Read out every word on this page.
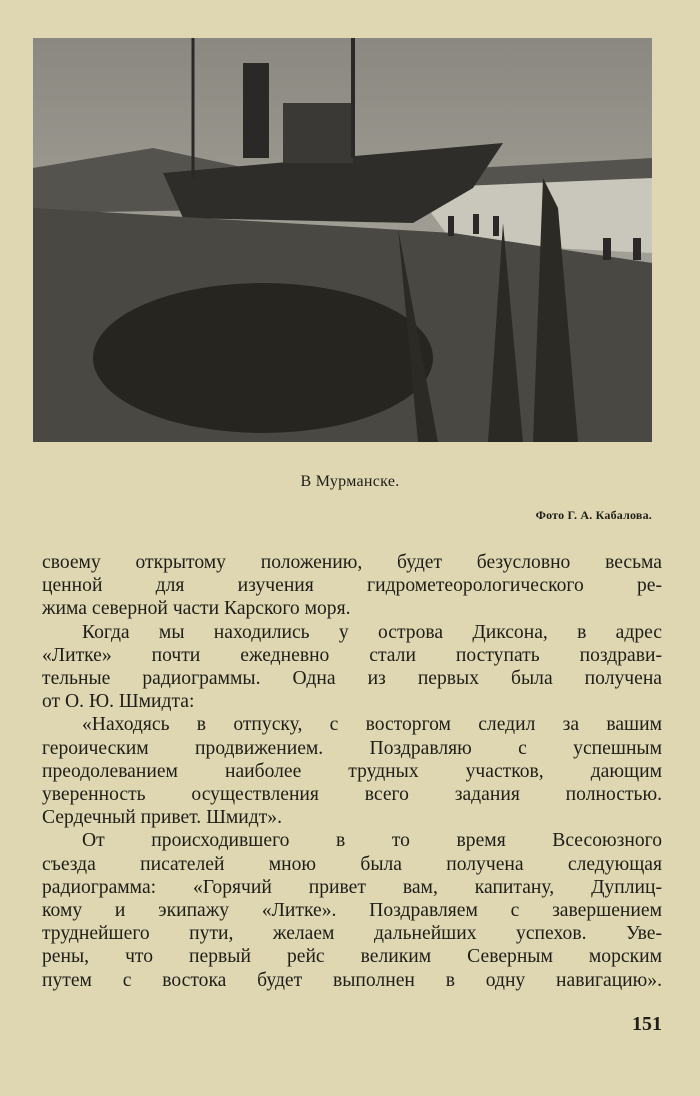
В Мурманске.
Фото Г. А. Кабалова.
своему открытому положению, будет безусловно весьма
ценной для изучения гидрометеорологического ре-
жима северной части Карского моря.
Когда мы находились у острова Диксона, в адрес
«Литке» почти ежедневно стали поступать поздрави-
тельные радиограммы. Одна из первых была получена
от О. Ю. Шмидта:
«Находясь в отпуску, с восторгом следил за вашим
героическим продвижением. Поздравляю с успешным
преодолеванием наиболее трудных участков, дающим
уверенность осуществления всего задания полностью.
Сердечный привет. Шмидт».
От происходившего в то время Всесоюзного
съезда писателей мною была получена следующая
радиограмма: «Горячий привет вам, капитану, Дуплиц-
кому и экипажу «Литке». Поздравляем с завершением
труднейшего пути, желаем дальнейших успехов. Уве-
рены, что первый рейс великим Северным морским
путем с востока будет выполнен в одну навигацию».
151
